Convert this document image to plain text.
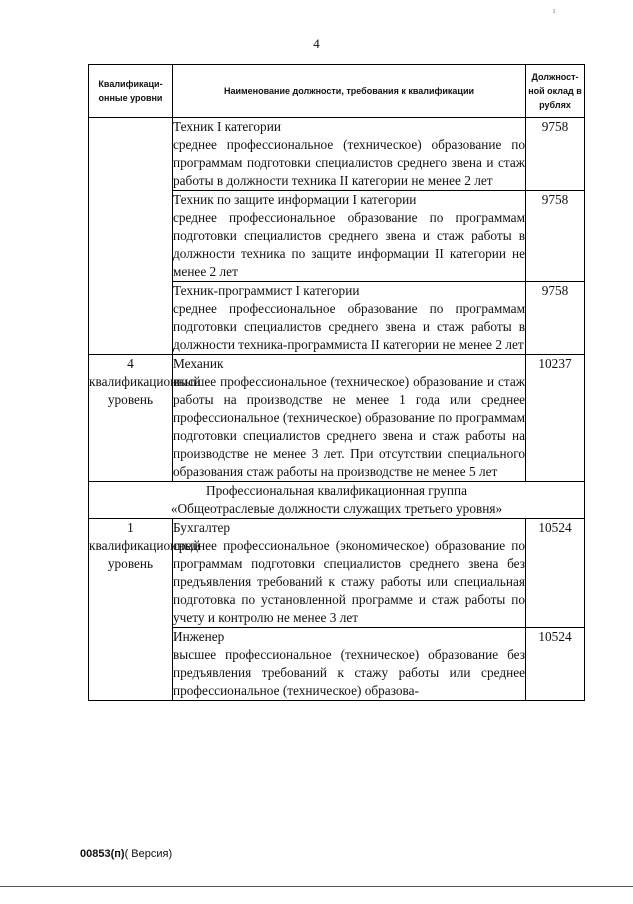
ı
4
Квалификаци-онные уровни	Наименование должности, требования к квалификации	Должност-ной оклад в рублях

	Техник I категории
среднее профессиональное (техническое) образование по программам подготовки специалистов среднего звена и стаж работы в должности техника II категории не менее 2 лет	9758

	Техник по защите информации I категории
среднее профессиональное образование по программам подготовки специалистов среднего звена и стаж работы в должности техника по защите информации II категории не менее 2 лет	9758

	Техник-программист I категории
среднее профессиональное образование по программам подготовки специалистов среднего звена и стаж работы в должности техника-программиста II категории не менее 2 лет	9758
4 квалификационный уровень	Механик
высшее профессиональное (техническое) образование и стаж работы на производстве не менее 1 года или среднее профессиональное (техническое) образование по программам подготовки специалистов среднего звена и стаж работы на производстве не менее 3 лет. При отсутствии специального образования стаж работы на производстве не менее 5 лет	10237

Профессиональная квалификационная группа
«Общеотраслевые должности служащих третьего уровня»		

1 квалификационный уровень	Бухгалтер
среднее профессиональное (экономическое) образование по программам подготовки специалистов среднего звена без предъявления требований к стажу работы или специальная подготовка по установленной программе и стаж работы по учету и контролю не менее 3 лет	10524

	Инженер
высшее профессиональное (техническое) образование без предъявления требований к стажу работы или среднее профессиональное (техническое) образова-	10524
00853(п)( Версия)
